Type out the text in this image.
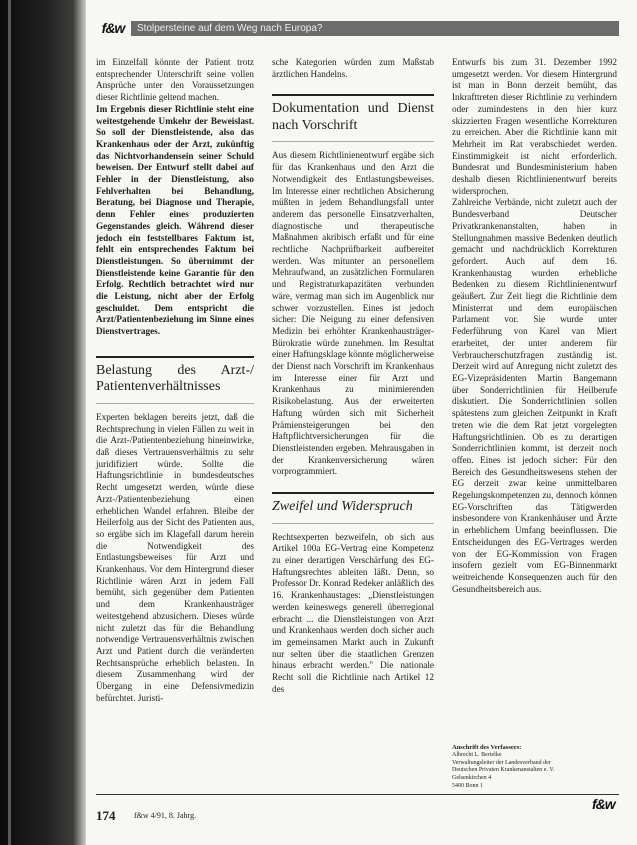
f&w	Stolpersteine auf dem Weg nach Europa?

im Einzelfall könnte der Patient trotz entsprechender Unterschrift seine vollen Ansprüche unter den Voraussetzungen dieser Richtlinie geltend machen.

Im Ergebnis dieser Richtlinie steht eine weitestgehende Umkehr der Beweislast. So soll der Dienstleistende, also das Krankenhaus oder der Arzt, zukünftig das Nichtvorhandensein seiner Schuld beweisen. Der Entwurf stellt dabei auf Fehler in der Dienstleistung, also Fehlverhalten bei Behandlung, Beratung, bei Diagnose und Therapie, denn Fehler eines produzierten Gegenstandes gleich. Während dieser jedoch ein feststellbares Faktum ist, fehlt ein entsprechendes Faktum bei Dienstleistungen. So übernimmt der Dienstleistende keine Garantie für den Erfolg. Rechtlich betrachtet wird nur die Leistung, nicht aber der Erfolg geschuldet. Dem entspricht die Arzt/Patientenbeziehung im Sinne eines Dienstvertrages.

Belastung des Arzt-/ Patientenverhältnisses

Experten beklagen bereits jetzt, daß die Rechtsprechung in vielen Fällen zu weit in die Arzt-/Patientenbeziehung hineinwirke, daß dieses Vertrauensverhältnis zu sehr juridifiziert würde. Sollte die Haftungsrichtlinie in bundesdeutsches Recht umgesetzt werden, würde diese Arzt-/Patientenbeziehung einen erheblichen Wandel erfahren. Bleibe der Heilerfolg aus der Sicht des Patienten aus, so ergäbe sich im Klagefall darum herein die Notwendigkeit des Entlastungsbeweises für Arzt und Krankenhaus. Vor dem Hintergrund dieser Richtlinie wären Arzt in jedem Fall bemüht, sich gegenüber dem Patienten und dem Krankenhausträger weitestgehend abzusichern. Dieses würde nicht zuletzt das für die Behandlung notwendige Vertrauensverhältnis zwischen Arzt und Patient durch die veränderten Rechtsansprüche erheblich belasten. In diesem Zusammenhang wird der Übergang in eine Defensivmedizin befürchtet. Juristi-

sche Kategorien würden zum Maßstab ärztlichen Handelns.

Dokumentation und Dienst nach Vorschrift

Aus diesem Richtlinienentwurf ergäbe sich für das Krankenhaus und den Arzt die Notwendigkeit des Entlastungsbeweises. Im Interesse einer rechtlichen Absicherung müßten in jedem Behandlungsfall unter anderem das personelle Einsatzverhalten, diagnostische und therapeutische Maßnahmen akribisch erfaßt und für eine rechtliche Nachprüfbarkeit aufbereitet werden. Was mitunter an personellem Mehraufwand, an zusätzlichen Formularen und Registraturkapazitäten verbunden wäre, vermag man sich im Augenblick nur schwer vorzustellen. Eines ist jedoch sicher: Die Neigung zu einer defensiven Medizin bei erhöhter Krankenhausträger-Bürokratie würde zunehmen. Im Resultat einer Haftungsklage könnte möglicherweise der Dienst nach Vorschrift im Krankenhaus im Interesse einer für Arzt und Krankenhaus zu minimierenden Risikobelastung. Aus der erweiterten Haftung würden sich mit Sicherheit Prämiensteigerungen bei den Haftpflichtversicherungen für die Dienstleistenden ergeben. Mehrausgaben in der Krankenversicherung wären vorprogrammiert.

Zweifel und Widerspruch

Rechtsexperten bezweifeln, ob sich aus Artikel 100a EG-Vertrag eine Kompetenz zu einer derartigen Verschärfung des EG-Haftungsrechtes ableiten läßt. Denn, so Professor Dr. Konrad Redeker anläßlich des 16. Krankenhaustages: „Dienstleistungen werden keineswegs generell überregional erbracht ... die Dienstleistungen von Arzt und Krankenhaus werden doch sicher auch im gemeinsamen Markt auch in Zukunft nur selten über die staatlichen Grenzen hinaus erbracht werden." Die nationale Recht soll die Richtlinie nach Artikel 12 des

Entwurfs bis zum 31. Dezember 1992 umgesetzt werden. Vor diesem Hintergrund ist man in Bonn derzeit bemüht, das Inkrafttreten dieser Richtlinie zu verhindern oder zumindestens in den hier kurz skizzierten Fragen wesentliche Korrekturen zu erreichen. Aber die Richtlinie kann mit Mehrheit im Rat verabschiedet werden. Einstimmigkeit ist nicht erforderlich. Bundesrat und Bundesministerium haben deshalb diesen Richtlinienentwurf bereits widersprochen.

Zahlreiche Verbände, nicht zuletzt auch der Bundesverband Deutscher Privatkrankenanstalten, haben in Stellungnahmen massive Bedenken deutlich gemacht und nachdrücklich Korrekturen gefordert. Auch auf dem 16. Krankenhaustag wurden erhebliche Bedenken zu diesem Richtlinienentwurf geäußert. Zur Zeit liegt die Richtlinie dem Ministerrat und dem europäischen Parlament vor. Sie wurde unter Federführung von Karel van Miert erarbeitet, der unter anderem für Verbraucherschutzfragen zuständig ist. Derzeit wird auf Anregung nicht zuletzt des EG-Vizepräsidenten Martin Bangemann über Sonderrichtlinien für Heilberufe diskutiert. Die Sonderrichtlinien sollen spätestens zum gleichen Zeitpunkt in Kraft treten wie die dem Rat jetzt vorgelegten Haftungsrichtlinien. Ob es zu derartigen Sonderrichtlinien kommt, ist derzeit noch offen. Eines ist jedoch sicher: Für den Bereich des Gesundheitswesens stehen der EG derzeit zwar keine unmittelbaren Regelungskompetenzen zu, dennoch können EG-Vorschriften das Tätigwerden insbesondere von Krankenhäuser und Ärzte in erheblichem Umfang beeinflussen. Die Entscheidungen des EG-Vertrages werden von der EG-Kommission von Fragen insofern gezielt vom EG-Binnenmarkt weitreichende Konsequenzen auch für den Gesundheitsbereich aus.

Anschrift des Verfassers:
Albrecht L. Bertelke
Verwaltungsleiter der Landesverband der
Deutschen Privaten Krankenanstalten e. V.
Gelsenkirchen 4
5400 Bonn 1
174 f&w 4/91, 8. Jahrg.
f&w
